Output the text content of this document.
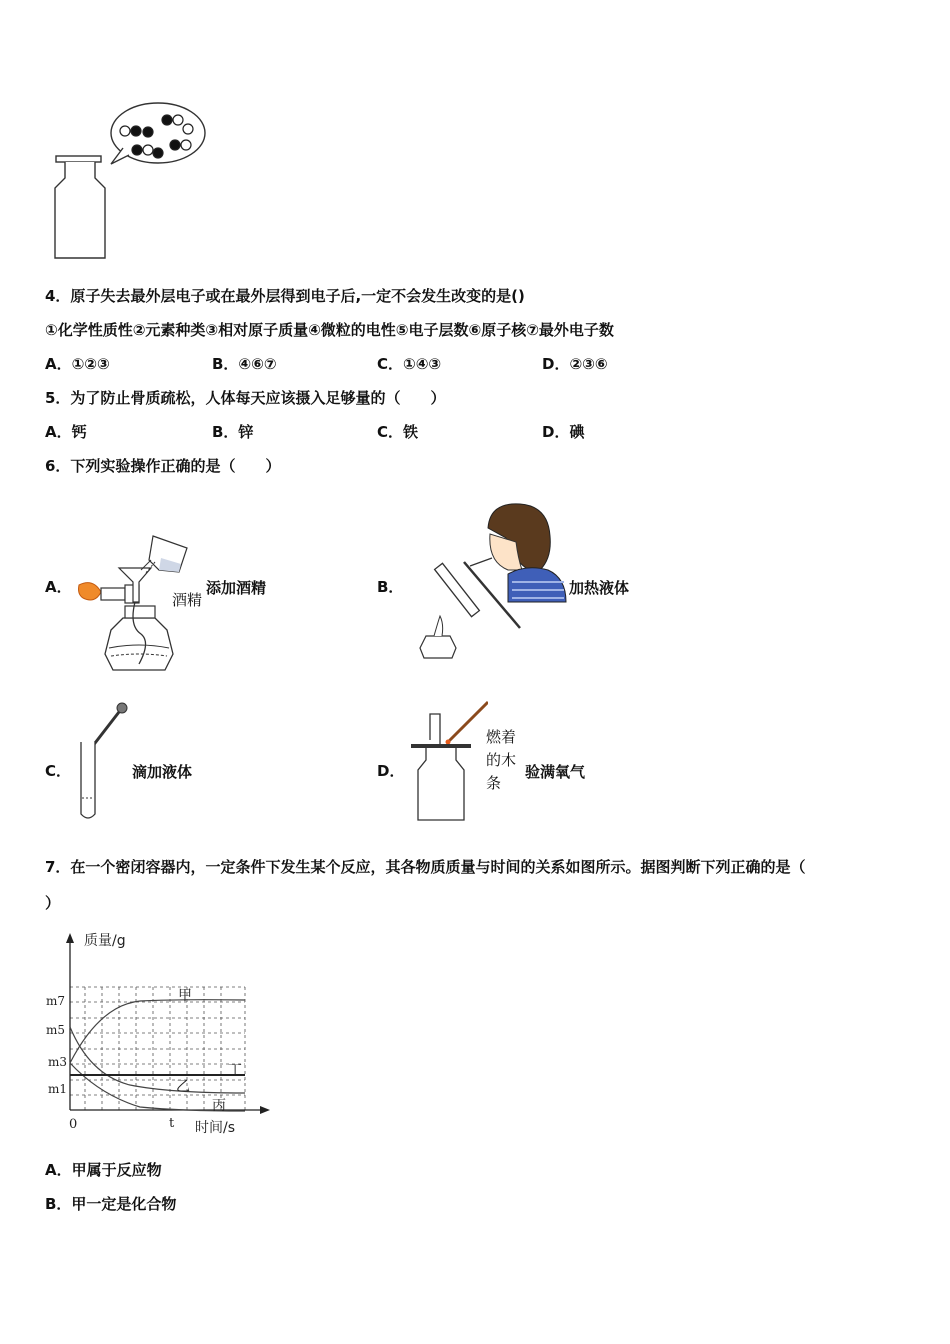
4．原子失去最外层电子或在最外层得到电子后,一定不会发生改变的是()
①化学性质性②元素种类③相对原子质量④微粒的电性⑤电子层数⑥原子核⑦最外电子数
A．①②③	B．④⑥⑦	C．①④③	D．②③⑥
5．为了防止骨质疏松，人体每天应该摄入足够量的（　　）
A．钙	B．锌	C．铁	D．碘
6．下列实验操作正确的是（　　）
A．
酒精
添加酒精	B．	加热液体
C．	滴加液体	D．
燃着
的木
条
验满氧气
7．在一个密闭容器内，一定条件下发生某个反应，其各物质质量与时间的关系如图所示。据图判断下列正确的是（
）
质量/g
时间/s
0	t
m7
m5
m3
m1
甲
乙
丙
丁
A．甲属于反应物
B．甲一定是化合物
